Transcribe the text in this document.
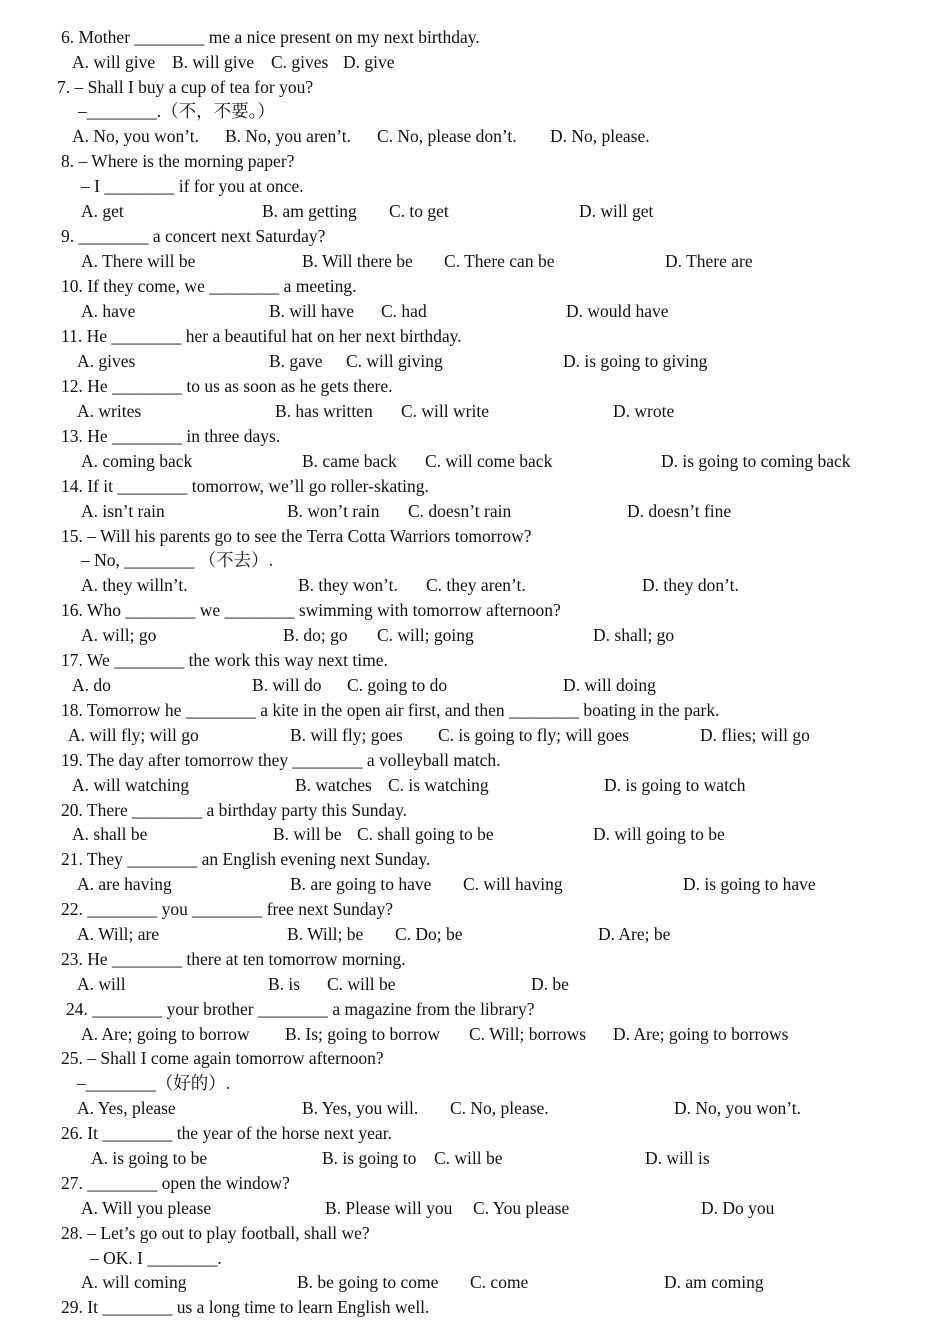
6. Mother ________ me a nice present on my next birthday.
A. will give B. will give C. gives D. give
7. – Shall I buy a cup of tea for you?
–________.（不，不要。）
A. No, you won’t. B. No, you aren’t. C. No, please don’t. D. No, please.
8. – Where is the morning paper?
– I ________ if for you at once.
A. get	B. am getting C. to get	D. will get
9. ________ a concert next Saturday?
A. There will be	B. Will there be C. There can be	D. There are
10. If they come, we ________ a meeting.
A. have	B. will have C. had	D. would have
11. He ________ her a beautiful hat on her next birthday.
A. gives	B. gave C. will giving	D. is going to giving
12. He ________ to us as soon as he gets there.
A. writes	B. has written C. will write	D. wrote
13. He ________ in three days.
A. coming back	B. came back C. will come back	D. is going to coming back
14. If it ________ tomorrow, we’ll go roller-skating.
A. isn’t rain	B. won’t rain C. doesn’t rain	D. doesn’t fine
15. – Will his parents go to see the Terra Cotta Warriors tomorrow?
– No, ________ （不去）.
A. they willn’t.	B. they won’t. C. they aren’t.	D. they don’t.
16. Who ________ we ________ swimming with tomorrow afternoon?
A. will; go	B. do; go C. will; going	D. shall; go
17. We ________ the work this way next time.
A. do	B. will do C. going to do	D. will doing
18. Tomorrow he ________ a kite in the open air first, and then ________ boating in the park.
A. will fly; will go	B. will fly; goes C. is going to fly; will goes	D. flies; will go
19. The day after tomorrow they ________ a volleyball match.
A. will watching	B. watches C. is watching	D. is going to watch
20. There ________ a birthday party this Sunday.
A. shall be	B. will be C. shall going to be	D. will going to be
21. They ________ an English evening next Sunday.
A. are having	B. are going to have C. will having	D. is going to have
22. ________ you ________ free next Sunday?
A. Will; are	B. Will; be C. Do; be	D. Are; be
23. He ________ there at ten tomorrow morning.
A. will	B. is C. will be	D. be
24. ________ your brother ________ a magazine from the library?
A. Are; going to borrow B. Is; going to borrow C. Will; borrows D. Are; going to borrows
25. – Shall I come again tomorrow afternoon?
–________（好的）.
A. Yes, please	B. Yes, you will. C. No, please.	D. No, you won’t.
26. It ________ the year of the horse next year.
A. is going to be	B. is going to C. will be	D. will is
27. ________ open the window?
A. Will you please	B. Please will you C. You please	D. Do you
28. – Let’s go out to play football, shall we?
– OK. I ________.
A. will coming	B. be going to come C. come	D. am coming
29. It ________ us a long time to learn English well.
